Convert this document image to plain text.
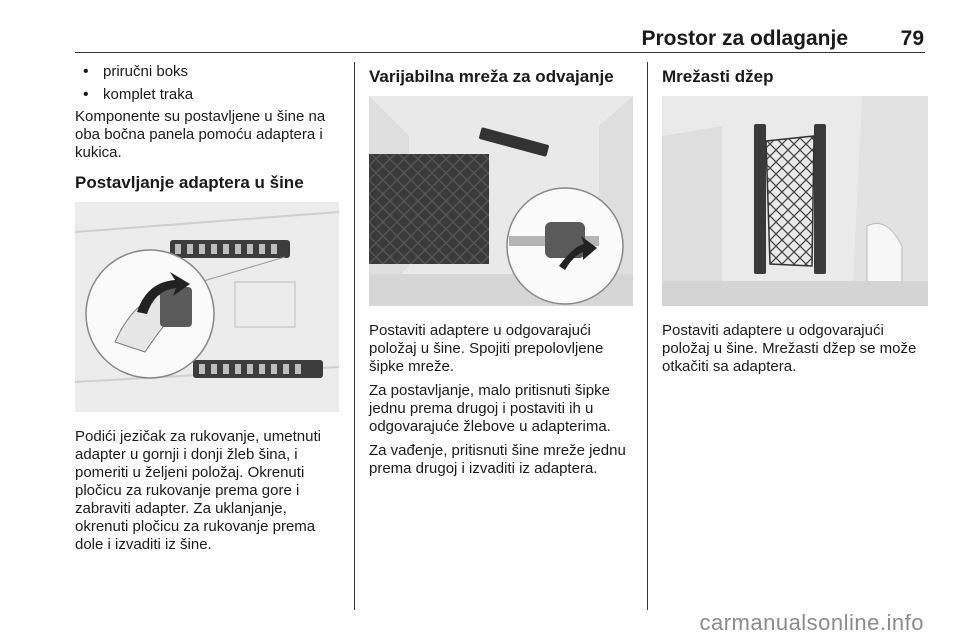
Prostor za odlaganje	79
• priručni boks
• komplet traka

Komponente su postavljene u šine na oba bočna panela pomoću adaptera i kukica.

Postavljanje adaptera u šine

Podići jezičak za rukovanje, umetnuti adapter u gornji i donji žleb šina, i pomeriti u željeni položaj. Okrenuti pločicu za rukovanje prema gore i zabraviti adapter. Za uklanjanje, okrenuti pločicu za rukovanje prema dole i izvaditi iz šine.

Varijabilna mreža za odvajanje

Postaviti adaptere u odgovarajući položaj u šine. Spojiti prepolovljene šipke mreže.

Za postavljanje, malo pritisnuti šipke jednu prema drugoj i postaviti ih u odgovarajuće žlebove u adapterima.

Za vađenje, pritisnuti šine mreže jednu prema drugoj i izvaditi iz adaptera.

Mrežasti džep

Postaviti adaptere u odgovarajući položaj u šine. Mrežasti džep se može otkačiti sa adaptera.

carmanualsonline.info
